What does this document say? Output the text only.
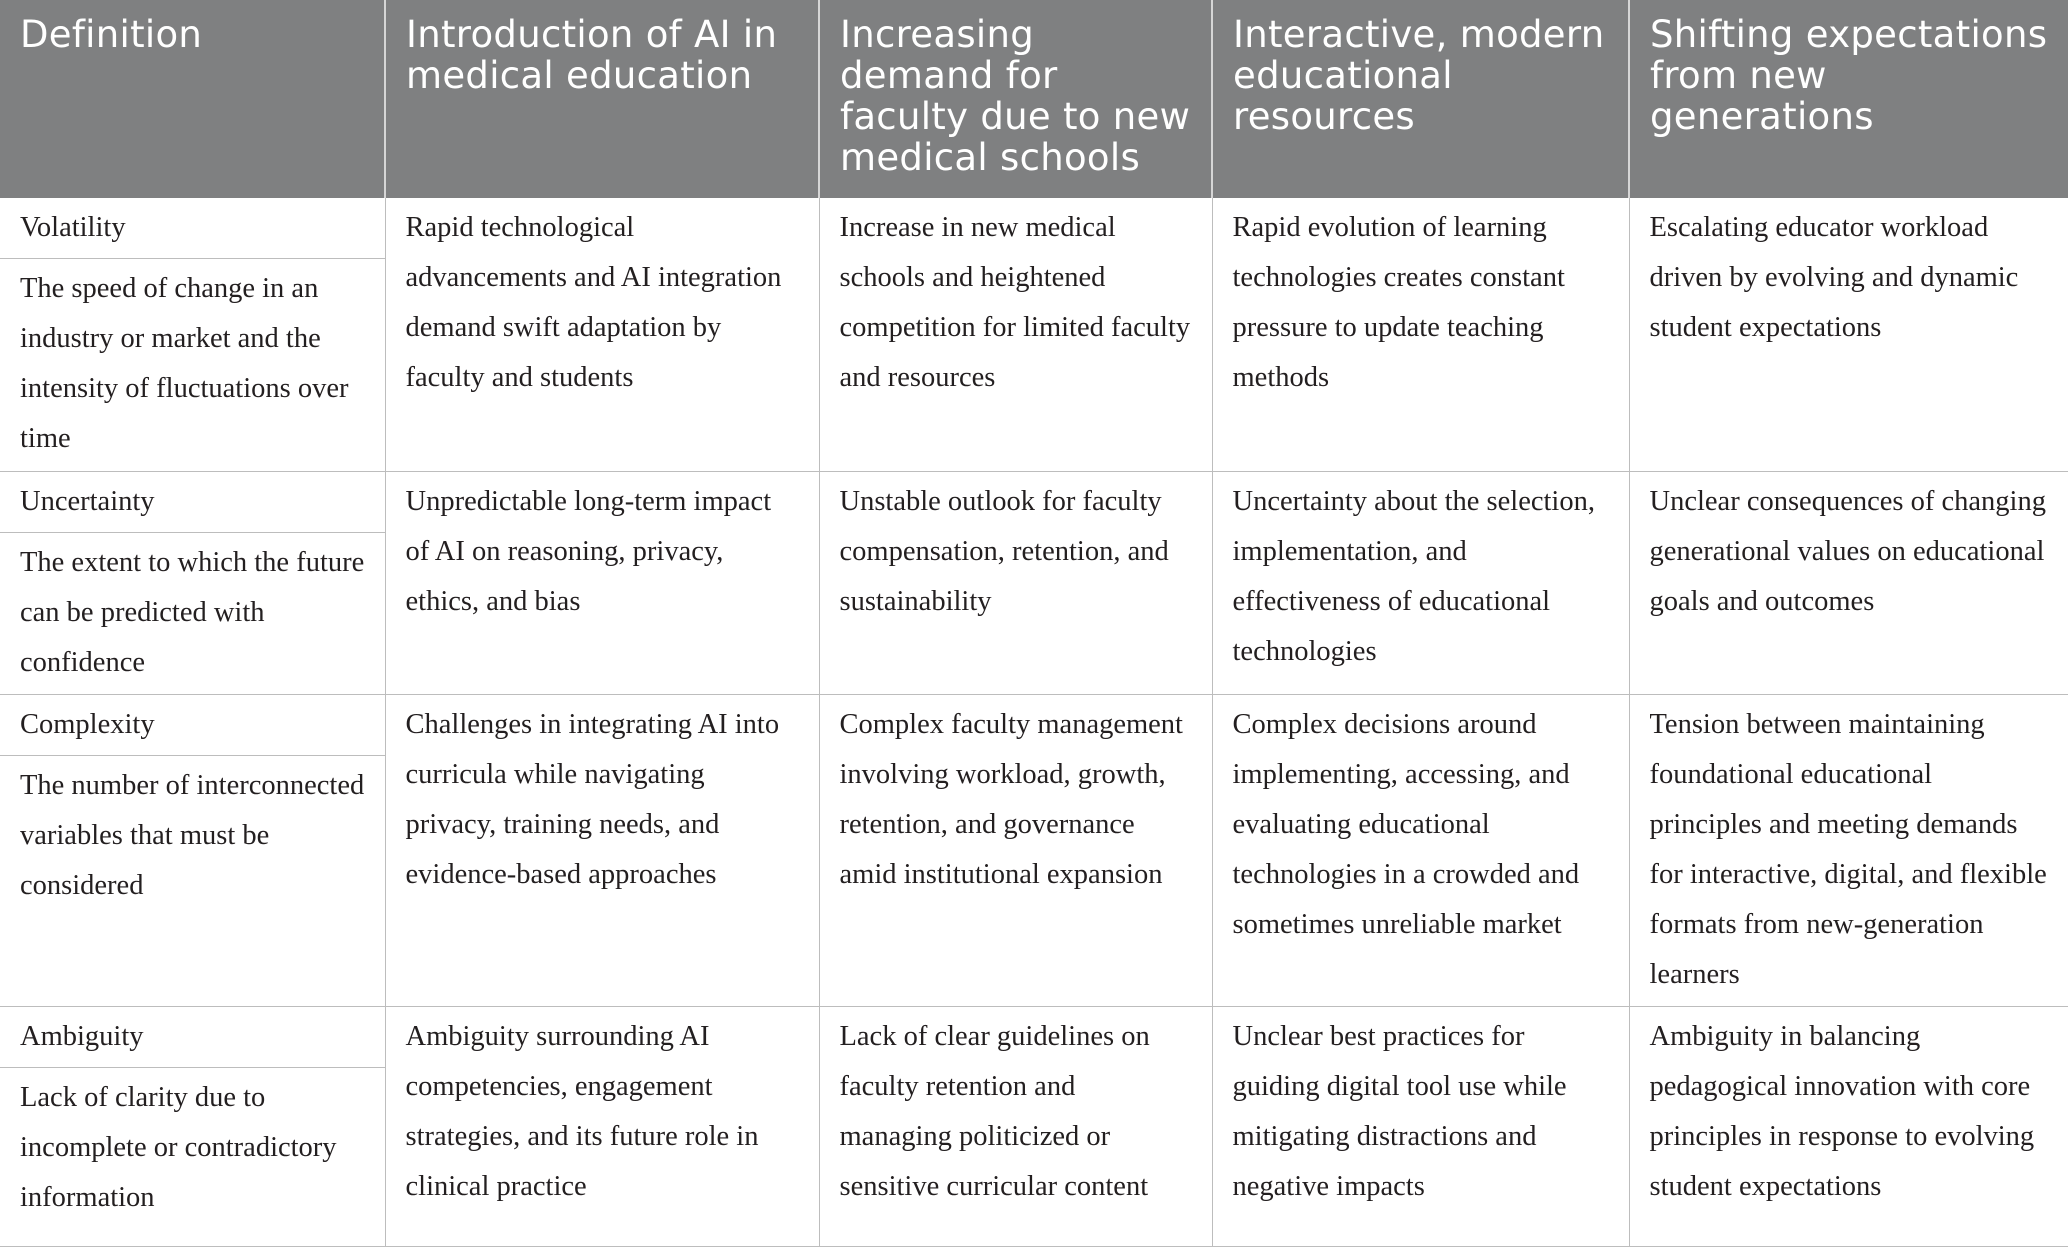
Definition	Introduction of AI in medical education	Increasing demand for faculty due to new medical schools	Interactive, modern educational resources	Shifting expectations from new generations

Volatility
The speed of change in an industry or market and the intensity of fluctuations over time	Rapid technological advancements and AI integration demand swift adaptation by faculty and students	Increase in new medical schools and heightened competition for limited faculty and resources	Rapid evolution of learning technologies creates constant pressure to update teaching methods	Escalating educator workload driven by evolving and dynamic student expectations

Uncertainty
The extent to which the future can be predicted with confidence	Unpredictable long-term impact of AI on reasoning, privacy, ethics, and bias	Unstable outlook for faculty compensation, retention, and sustainability	Uncertainty about the selection, implementation, and effectiveness of educational technologies	Unclear consequences of changing generational values on educational goals and outcomes

Complexity
The number of interconnected variables that must be considered	Challenges in integrating AI into curricula while navigating privacy, training needs, and evidence-based approaches	Complex faculty management involving workload, growth, retention, and governance amid institutional expansion	Complex decisions around implementing, accessing, and evaluating educational technologies in a crowded and sometimes unreliable market	Tension between maintaining foundational educational principles and meeting demands for interactive, digital, and flexible formats from new-generation learners

Ambiguity
Lack of clarity due to incomplete or contradictory information	Ambiguity surrounding AI competencies, engagement strategies, and its future role in clinical practice	Lack of clear guidelines on faculty retention and managing politicized or sensitive curricular content	Unclear best practices for guiding digital tool use while mitigating distractions and negative impacts	Ambiguity in balancing pedagogical innovation with core principles in response to evolving student expectations
